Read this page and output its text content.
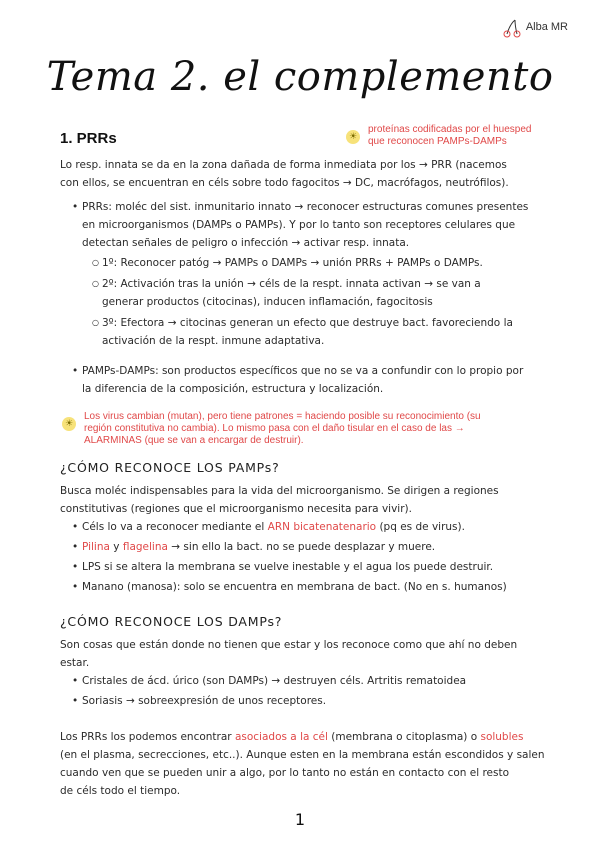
Alba MR
Tema 2. el complemento
1. PRRs	☀
proteínas codificadas por el huesped
que reconocen PAMPs-DAMPs
Lo resp. innata se da en la zona dañada de forma inmediata por los → PRR (nacemos
con ellos, se encuentran en céls sobre todo fagocitos → DC, macrófagos, neutrófilos).
• PRRs: moléc del sist. inmunitario innato → reconocer estructuras comunes presentes
en microorganismos (DAMPs o PAMPs). Y por lo tanto son receptores celulares que
detectan señales de peligro o infección → activar resp. innata.
○ 1º: Reconocer patóg → PAMPs o DAMPs → unión PRRs + PAMPs o DAMPs.
○ 2º: Activación tras la unión → céls de la respt. innata activan → se van a
generar productos (citocinas), inducen inflamación, fagocitosis
○ 3º: Efectora → citocinas generan un efecto que destruye bact. favoreciendo la
activación de la respt. inmune adaptativa.
• PAMPs-DAMPs: son productos específicos que no se va a confundir con lo propio por
la diferencia de la composición, estructura y localización.
☀
Los virus cambian (mutan), pero tiene patrones = haciendo posible su reconocimiento (su
región constitutiva no cambia). Lo mismo pasa con el daño tisular en el caso de las →
ALARMINAS (que se van a encargar de destruir).
¿CÓMO RECONOCE LOS PAMPs?
Busca moléc indispensables para la vida del microorganismo. Se dirigen a regiones
constitutivas (regiones que el microorganismo necesita para vivir).
• Céls lo va a reconocer mediante el ARN bicatenatenario (pq es de virus).
• Pilina y flagelina → sin ello la bact. no se puede desplazar y muere.
• LPS si se altera la membrana se vuelve inestable y el agua los puede destruir.
• Manano (manosa): solo se encuentra en membrana de bact. (No en s. humanos)
¿CÓMO RECONOCE LOS DAMPs?
Son cosas que están donde no tienen que estar y los reconoce como que ahí no deben
estar.
• Cristales de ácd. úrico (son DAMPs) → destruyen céls. Artritis rematoidea
• Soriasis → sobreexpresión de unos receptores.
Los PRRs los podemos encontrar asociados a la cél (membrana o citoplasma) o solubles
(en el plasma, secrecciones, etc..). Aunque esten en la membrana están escondidos y salen
cuando ven que se pueden unir a algo, por lo tanto no están en contacto con el resto
de céls todo el tiempo.
1
